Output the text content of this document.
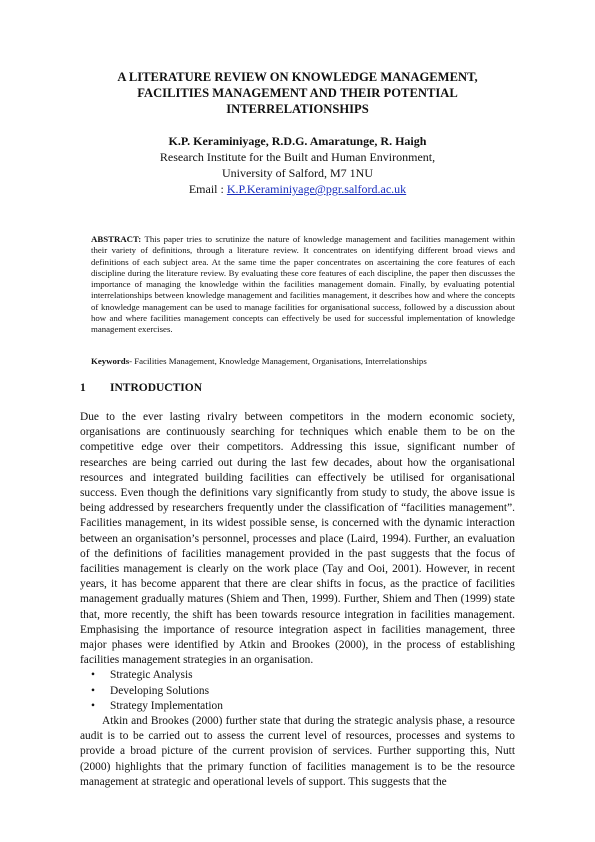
A LITERATURE REVIEW ON KNOWLEDGE MANAGEMENT,
FACILITIES MANAGEMENT AND THEIR POTENTIAL
INTERRELATIONSHIPS
K.P. Keraminiyage, R.D.G. Amaratunge, R. Haigh
Research Institute for the Built and Human Environment,
University of Salford, M7 1NU
Email : K.P.Keraminiyage@pgr.salford.ac.uk
ABSTRACT: This paper tries to scrutinize the nature of knowledge management and facilities management within their variety of definitions, through a literature review. It concentrates on identifying different broad views and definitions of each subject area. At the same time the paper concentrates on ascertaining the core features of each discipline during the literature review. By evaluating these core features of each discipline, the paper then discusses the importance of managing the knowledge within the facilities management domain. Finally, by evaluating potential interrelationships between knowledge management and facilities management, it describes how and where the concepts of knowledge management can be used to manage facilities for organisational success, followed by a discussion about how and where facilities management concepts can effectively be used for successful implementation of knowledge management exercises.
Keywords- Facilities Management, Knowledge Management, Organisations, Interrelationships
1 INTRODUCTION

Due to the ever lasting rivalry between competitors in the modern economic society, organisations are continuously searching for techniques which enable them to be on the competitive edge over their competitors. Addressing this issue, significant number of researches are being carried out during the last few decades, about how the organisational resources and integrated building facilities can effectively be utilised for organisational success. Even though the definitions vary significantly from study to study, the above issue is being addressed by researchers frequently under the classification of “facilities management”. Facilities management, in its widest possible sense, is concerned with the dynamic interaction between an organisation’s personnel, processes and place (Laird, 1994). Further, an evaluation of the definitions of facilities management provided in the past suggests that the focus of facilities management is clearly on the work place (Tay and Ooi, 2001). However, in recent years, it has become apparent that there are clear shifts in focus, as the practice of facilities management gradually matures (Shiem and Then, 1999). Further, Shiem and Then (1999) state that, more recently, the shift has been towards resource integration in facilities management. Emphasising the importance of resource integration aspect in facilities management, three major phases were identified by Atkin and Brookes (2000), in the process of establishing facilities management strategies in an organisation.

• Strategic Analysis
• Developing Solutions
• Strategy Implementation

Atkin and Brookes (2000) further state that during the strategic analysis phase, a resource audit is to be carried out to assess the current level of resources, processes and systems to provide a broad picture of the current provision of services. Further supporting this, Nutt (2000) highlights that the primary function of facilities management is to be the resource management at strategic and operational levels of support. This suggests that the
